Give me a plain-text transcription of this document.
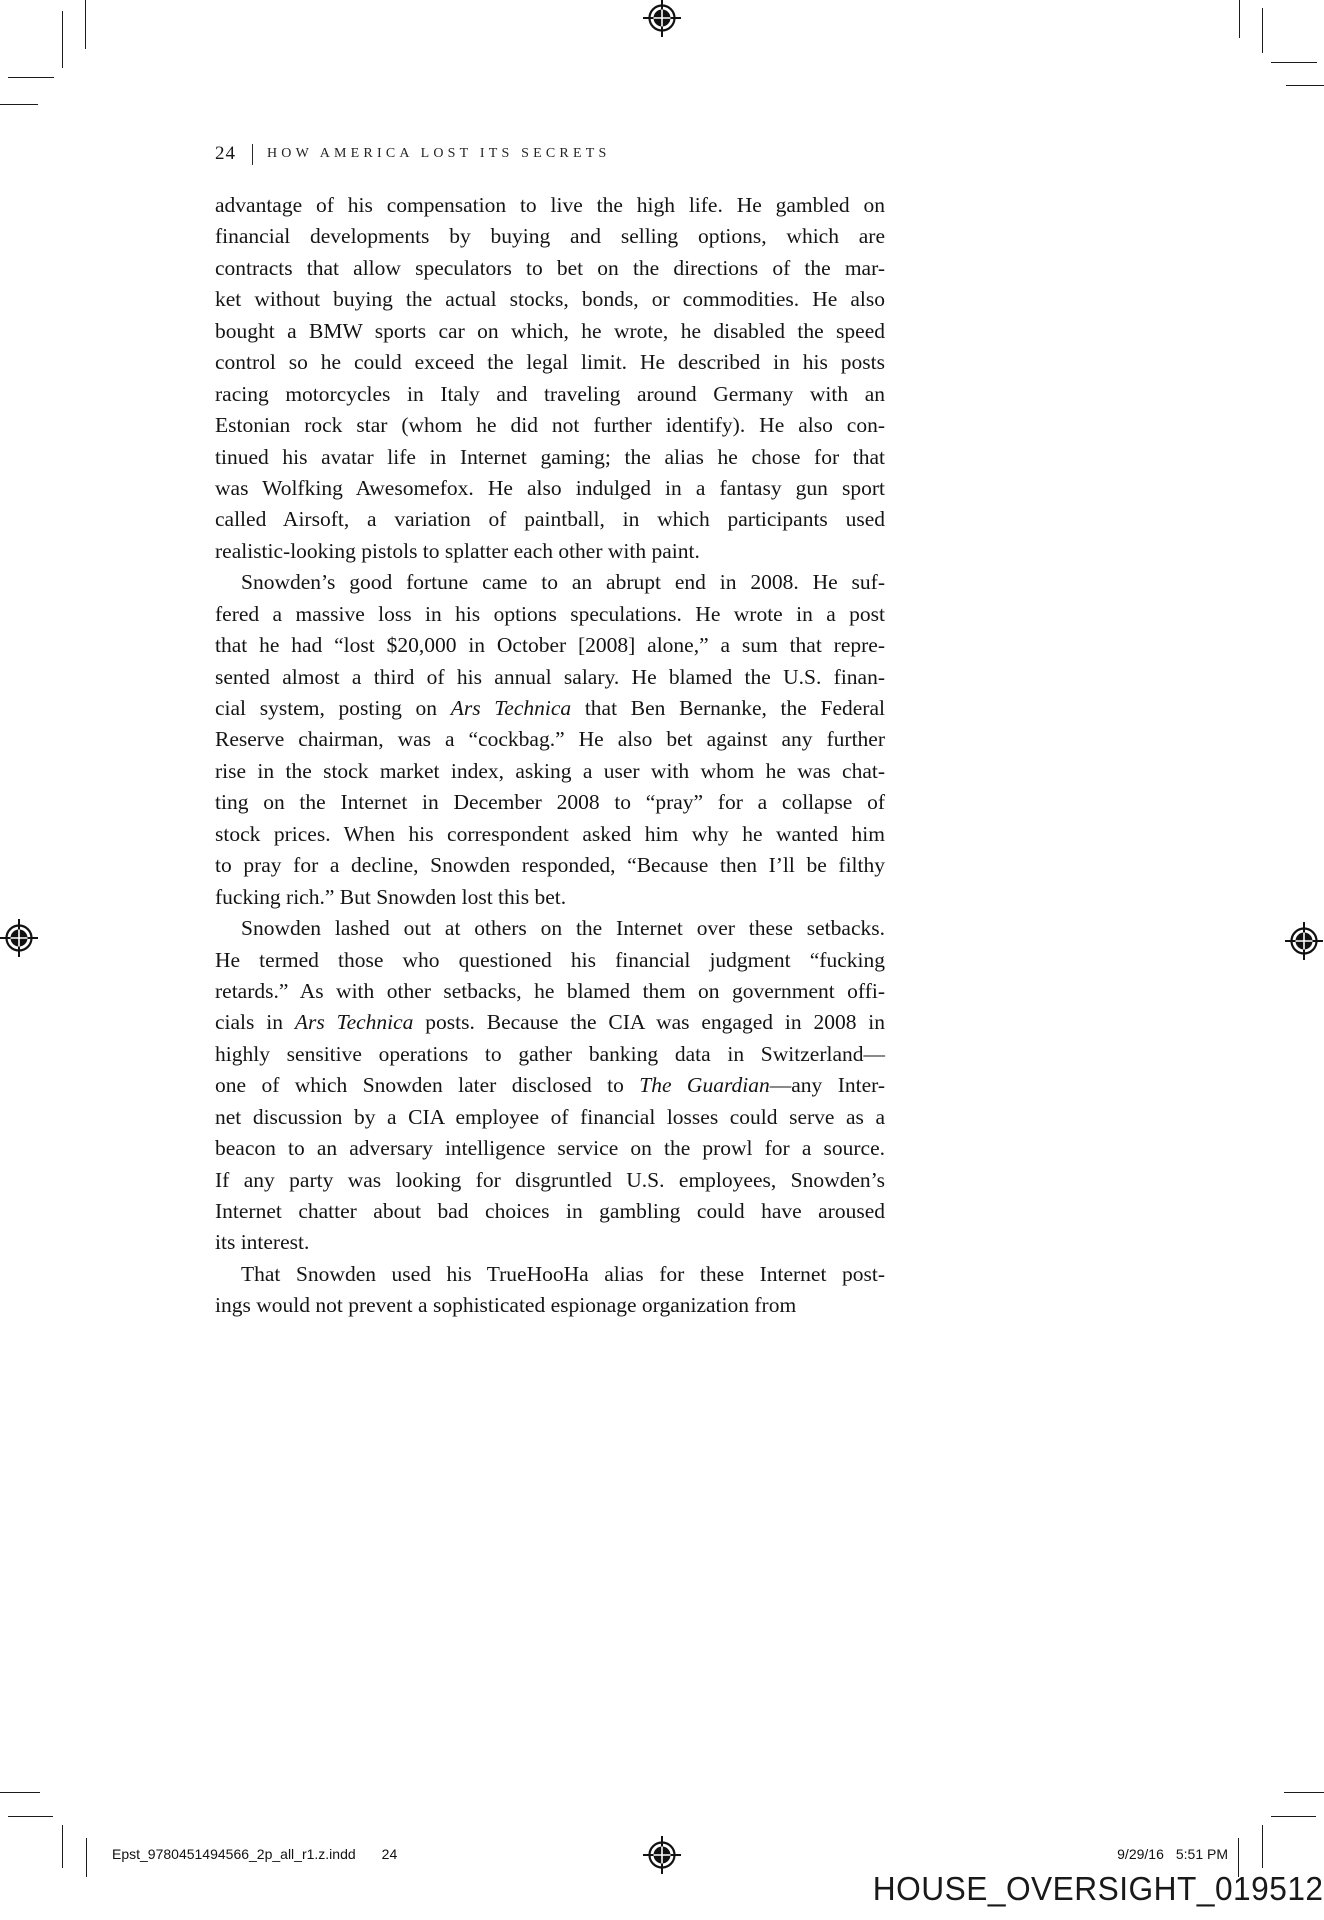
24 HOW AMERICA LOST ITS SECRETS
advantage of his compensation to live the high life. He gambled on
financial developments by buying and selling options, which are
contracts that allow speculators to bet on the directions of the mar-
ket without buying the actual stocks, bonds, or commodities. He also
bought a BMW sports car on which, he wrote, he disabled the speed
control so he could exceed the legal limit. He described in his posts
racing motorcycles in Italy and traveling around Germany with an
Estonian rock star (whom he did not further identify). He also con-
tinued his avatar life in Internet gaming; the alias he chose for that
was Wolfking Awesomefox. He also indulged in a fantasy gun sport
called Airsoft, a variation of paintball, in which participants used
realistic-looking pistols to splatter each other with paint.
Snowden’s good fortune came to an abrupt end in 2008. He suf-
fered a massive loss in his options speculations. He wrote in a post
that he had “lost $20,000 in October [2008] alone,” a sum that repre-
sented almost a third of his annual salary. He blamed the U.S. finan-
cial system, posting on Ars Technica that Ben Bernanke, the Federal
Reserve chairman, was a “cockbag.” He also bet against any further
rise in the stock market index, asking a user with whom he was chat-
ting on the Internet in December 2008 to “pray” for a collapse of
stock prices. When his correspondent asked him why he wanted him
to pray for a decline, Snowden responded, “Because then I’ll be filthy
fucking rich.” But Snowden lost this bet.
Snowden lashed out at others on the Internet over these setbacks.
He termed those who questioned his financial judgment “fucking
retards.” As with other setbacks, he blamed them on government offi-
cials in Ars Technica posts. Because the CIA was engaged in 2008 in
highly sensitive operations to gather banking data in Switzerland—
one of which Snowden later disclosed to The Guardian—any Inter-
net discussion by a CIA employee of financial losses could serve as a
beacon to an adversary intelligence service on the prowl for a source.
If any party was looking for disgruntled U.S. employees, Snowden’s
Internet chatter about bad choices in gambling could have aroused
its interest.
That Snowden used his TrueHooHa alias for these Internet post-
ings would not prevent a sophisticated espionage organization from
Epst_9780451494566_2p_all_r1.z.indd 24	9/29/16 5:51 PM
HOUSE_OVERSIGHT_019512
